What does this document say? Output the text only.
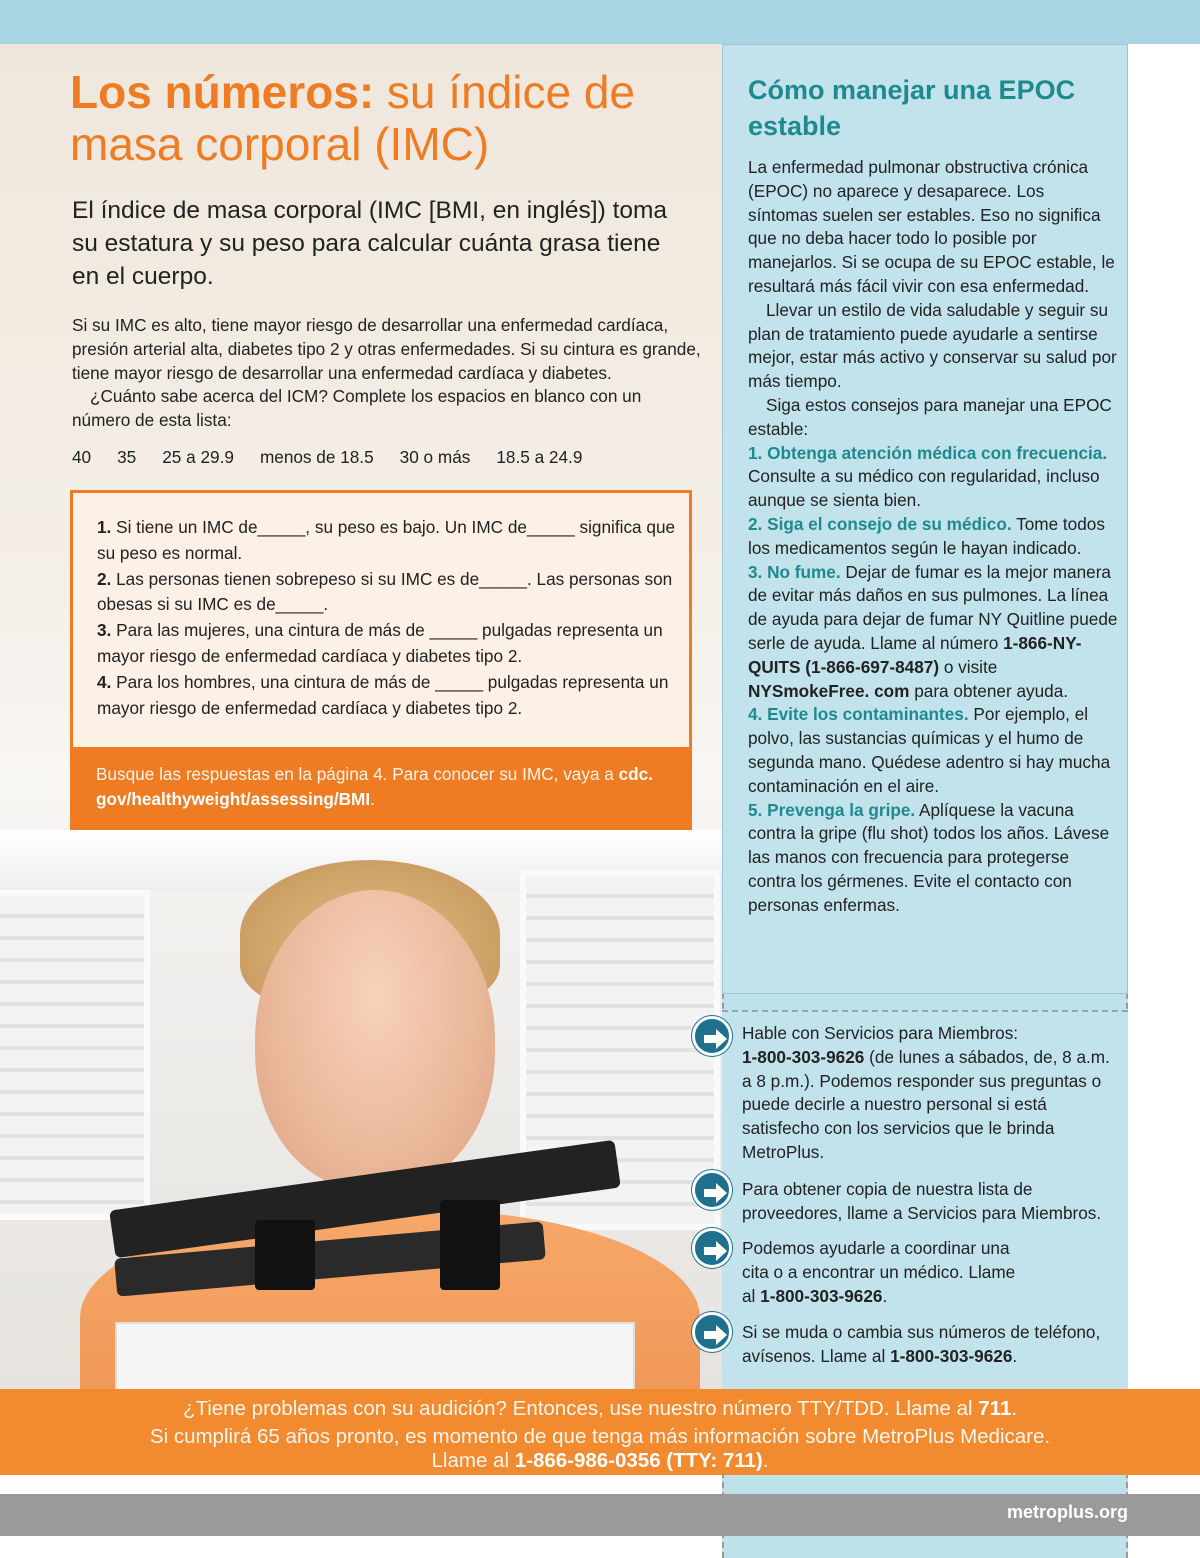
Los números: su índice de masa corporal (IMC)

El índice de masa corporal (IMC [BMI, en inglés]) toma su estatura y su peso para calcular cuánta grasa tiene en el cuerpo.

Si su IMC es alto, tiene mayor riesgo de desarrollar una enfermedad cardíaca, presión arterial alta, diabetes tipo 2 y otras enfermedades. Si su cintura es grande, tiene mayor riesgo de desarrollar una enfermedad cardíaca y diabetes.

¿Cuánto sabe acerca del ICM? Complete los espacios en blanco con un número de esta lista:

40 35 25 a 29.9 menos de 18.5 30 o más 18.5 a 24.9

1. Si tiene un IMC de_____, su peso es bajo. Un IMC de_____ significa que su peso es normal.

2. Las personas tienen sobrepeso si su IMC es de_____. Las personas son obesas si su IMC es de_____.

3. Para las mujeres, una cintura de más de _____ pulgadas representa un mayor riesgo de enfermedad cardíaca y diabetes tipo 2.

4. Para los hombres, una cintura de más de _____ pulgadas representa un mayor riesgo de enfermedad cardíaca y diabetes tipo 2.

Busque las respuestas en la página 4. Para conocer su IMC, vaya a cdc. gov/healthyweight/assessing/BMI.

Cómo manejar una EPOC estable

La enfermedad pulmonar obstructiva crónica (EPOC) no aparece y desaparece. Los síntomas suelen ser estables. Eso no significa que no deba hacer todo lo posible por manejarlos. Si se ocupa de su EPOC estable, le resultará más fácil vivir con esa enfermedad.

Llevar un estilo de vida saludable y seguir su plan de tratamiento puede ayudarle a sentirse mejor, estar más activo y conservar su salud por más tiempo.

Siga estos consejos para manejar una EPOC estable:

1. Obtenga atención médica con frecuencia. Consulte a su médico con regularidad, incluso aunque se sienta bien.

2. Siga el consejo de su médico. Tome todos los medicamentos según le hayan indicado.

3. No fume. Dejar de fumar es la mejor manera de evitar más daños en sus pulmones. La línea de ayuda para dejar de fumar NY Quitline puede serle de ayuda. Llame al número 1-866-NY-QUITS (1-866-697-8487) o visite NYSmokeFree. com para obtener ayuda.

4. Evite los contaminantes. Por ejemplo, el polvo, las sustancias químicas y el humo de segunda mano. Quédese adentro si hay mucha contaminación en el aire.

5. Prevenga la gripe. Aplíquese la vacuna contra la gripe (flu shot) todos los años. Lávese las manos con frecuencia para protegerse contra los gérmenes. Evite el contacto con personas enfermas.

Hable con Servicios para Miembros:
1-800-303-9626 (de lunes a sábados, de, 8 a.m. a 8 p.m.). Podemos responder sus preguntas o puede decirle a nuestro personal si está satisfecho con los servicios que le brinda MetroPlus.

Para obtener copia de nuestra lista de proveedores, llame a Servicios para Miembros.

Podemos ayudarle a coordinar una cita o a encontrar un médico. Llame al 1-800-303-9626.

Si se muda o cambia sus números de teléfono, avísenos. Llame al 1-800-303-9626.

¿Tiene problemas con su audición? Entonces, use nuestro número TTY/TDD. Llame al 711.

Si cumplirá 65 años pronto, es momento de que tenga más información sobre MetroPlus Medicare.

Llame al 1-866-986-0356 (TTY: 711).

metroplus.org
